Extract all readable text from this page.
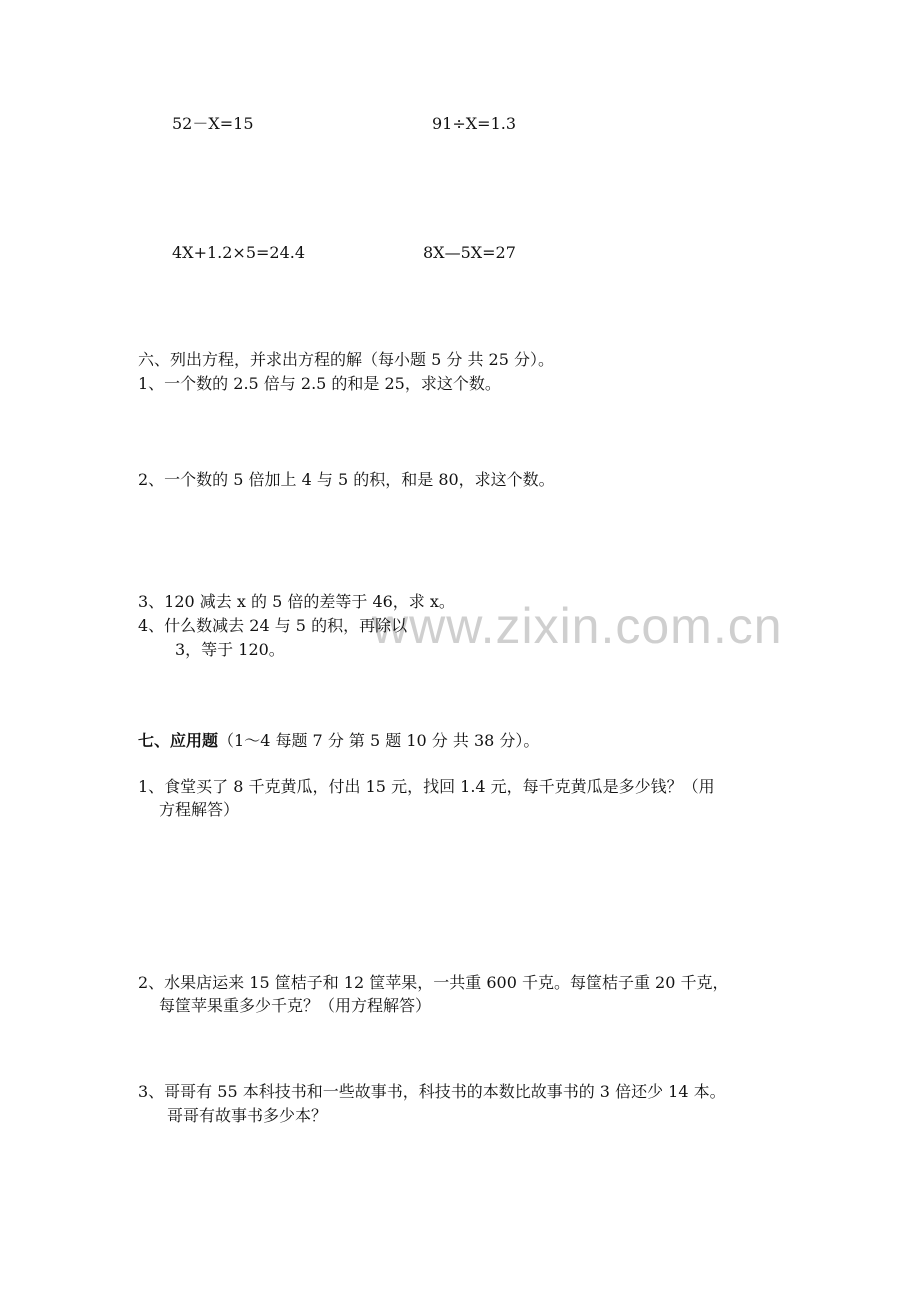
www.zixin.com.cn
52－X=15	91÷X=1.3
4X+1.2×5=24.4	8X—5X=27
六、列出方程，并求出方程的解（每小题 5 分 共 25 分）。
1、一个数的 2.5 倍与 2.5 的和是 25，求这个数。
2、一个数的 5 倍加上 4 与 5 的积，和是 80，求这个数。
3、120 减去 x 的 5 倍的差等于 46，求 x。
4、什么数减去 24 与 5 的积，再除以
3，等于 120。
七、应用题（1～4 每题 7 分 第 5 题 10 分 共 38 分）。
1、食堂买了 8 千克黄瓜，付出 15 元，找回 1.4 元，每千克黄瓜是多少钱？（用
方程解答）
2、水果店运来 15 筐桔子和 12 筐苹果，一共重 600 千克。每筐桔子重 20 千克，
每筐苹果重多少千克？（用方程解答）
3、哥哥有 55 本科技书和一些故事书，科技书的本数比故事书的 3 倍还少 14 本。
哥哥有故事书多少本？
